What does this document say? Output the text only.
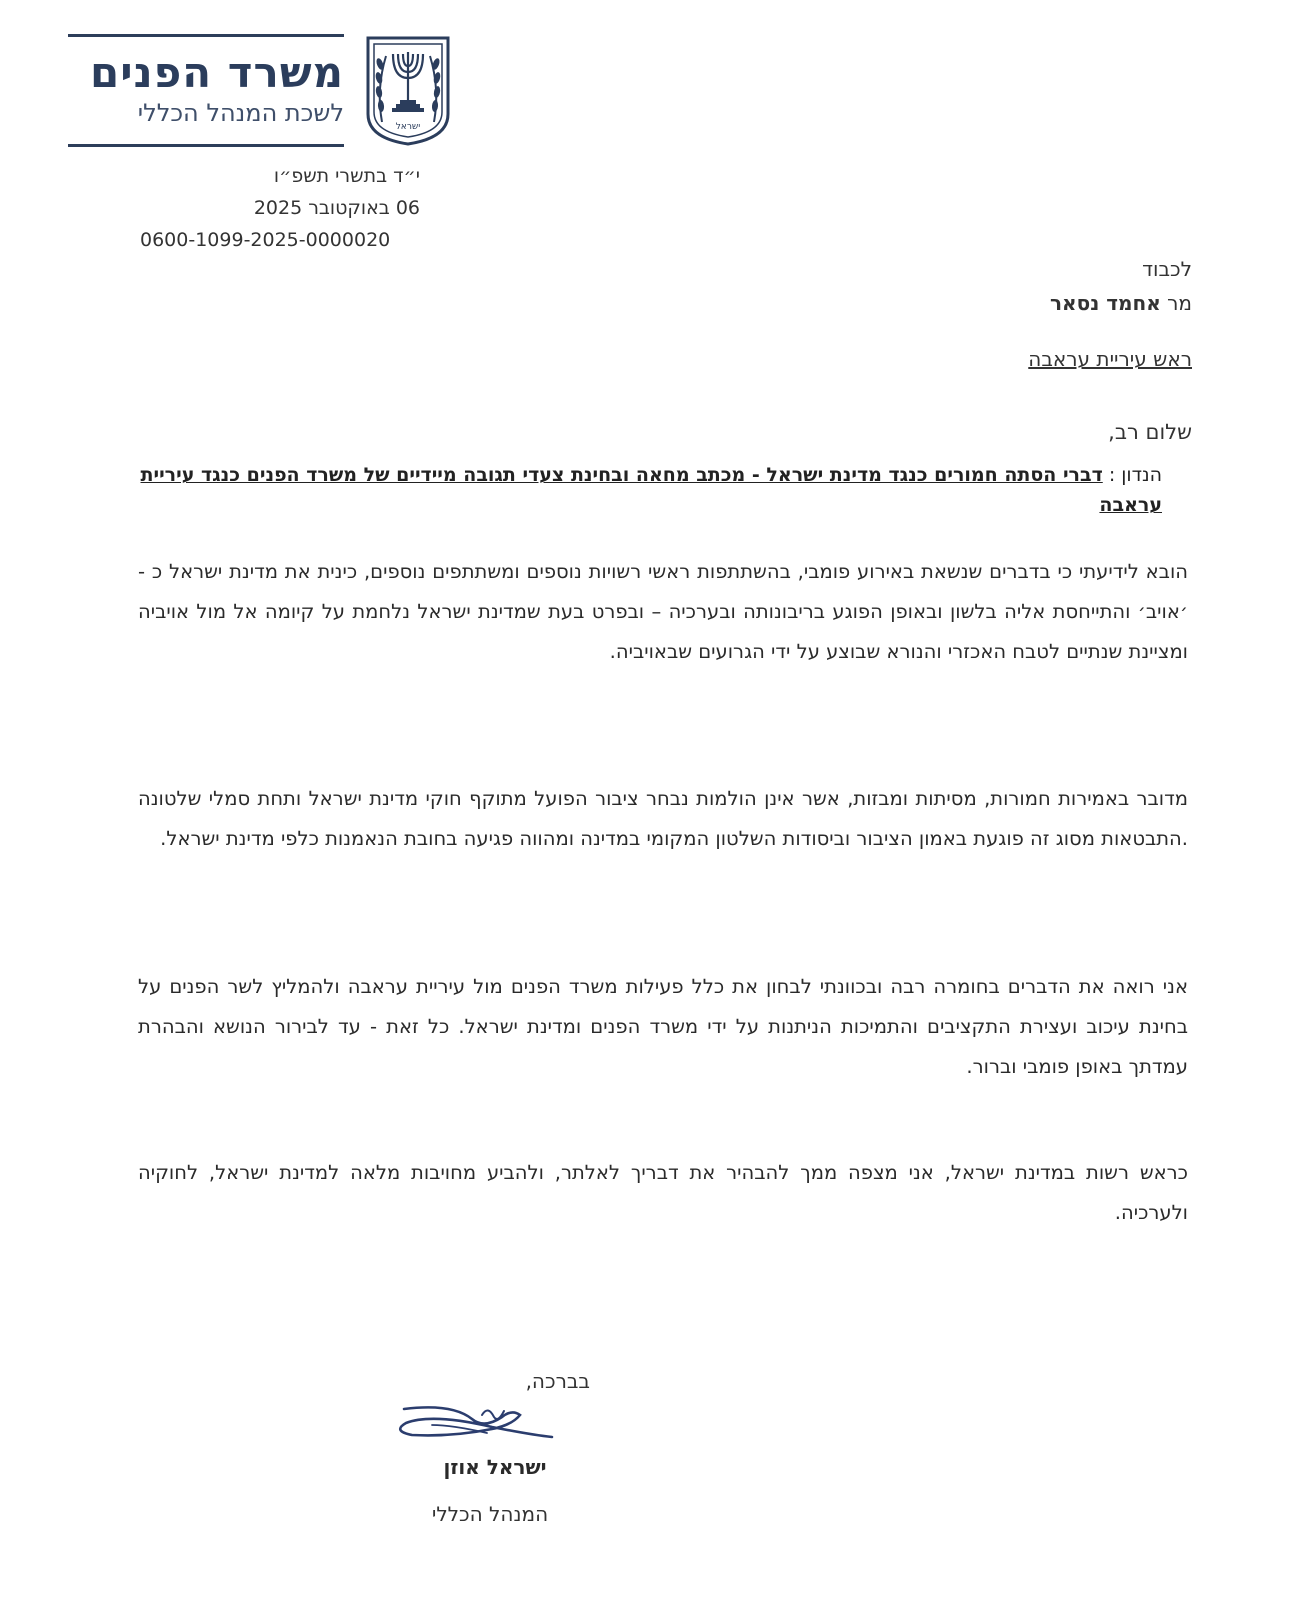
משרד הפנים
לשכת המנהל הכללי	ישראל
י״ד בתשרי תשפ״ו
06 באוקטובר 2025
0600-1099-2025-0000020
לכבוד
מר אחמד נסאר
ראש עיריית עראבה
שלום רב,
הנדון : דברי הסתה חמורים כנגד מדינת ישראל - מכתב מחאה ובחינת צעדי תגובה מיידיים של משרד הפנים כנגד עיריית עראבה
הובא לידיעתי כי בדברים שנשאת באירוע פומבי, בהשתתפות ראשי רשויות נוספים ומשתתפים נוספים, כינית את מדינת ישראל כ - ׳אויב׳ והתייחסת אליה בלשון ובאופן הפוגע בריבונותה ובערכיה – ובפרט בעת שמדינת ישראל נלחמת על קיומה אל מול אויביה ומציינת שנתיים לטבח האכזרי והנורא שבוצע על ידי הגרועים שבאויביה.
מדובר באמירות חמורות, מסיתות ומבזות, אשר אינן הולמות נבחר ציבור הפועל מתוקף חוקי מדינת ישראל ותחת סמלי שלטונה .התבטאות מסוג זה פוגעת באמון הציבור וביסודות השלטון המקומי במדינה ומהווה פגיעה בחובת הנאמנות כלפי מדינת ישראל.
אני רואה את הדברים בחומרה רבה ובכוונתי לבחון את כלל פעילות משרד הפנים מול עיריית עראבה ולהמליץ לשר הפנים על בחינת עיכוב ועצירת התקציבים והתמיכות הניתנות על ידי משרד הפנים ומדינת ישראל. כל זאת - עד לבירור הנושא והבהרת עמדתך באופן פומבי וברור.
כראש רשות במדינת ישראל, אני מצפה ממך להבהיר את דבריך לאלתר, ולהביע מחויבות מלאה למדינת ישראל, לחוקיה ולערכיה.
בברכה,
ישראל אוזן
המנהל הכללי
